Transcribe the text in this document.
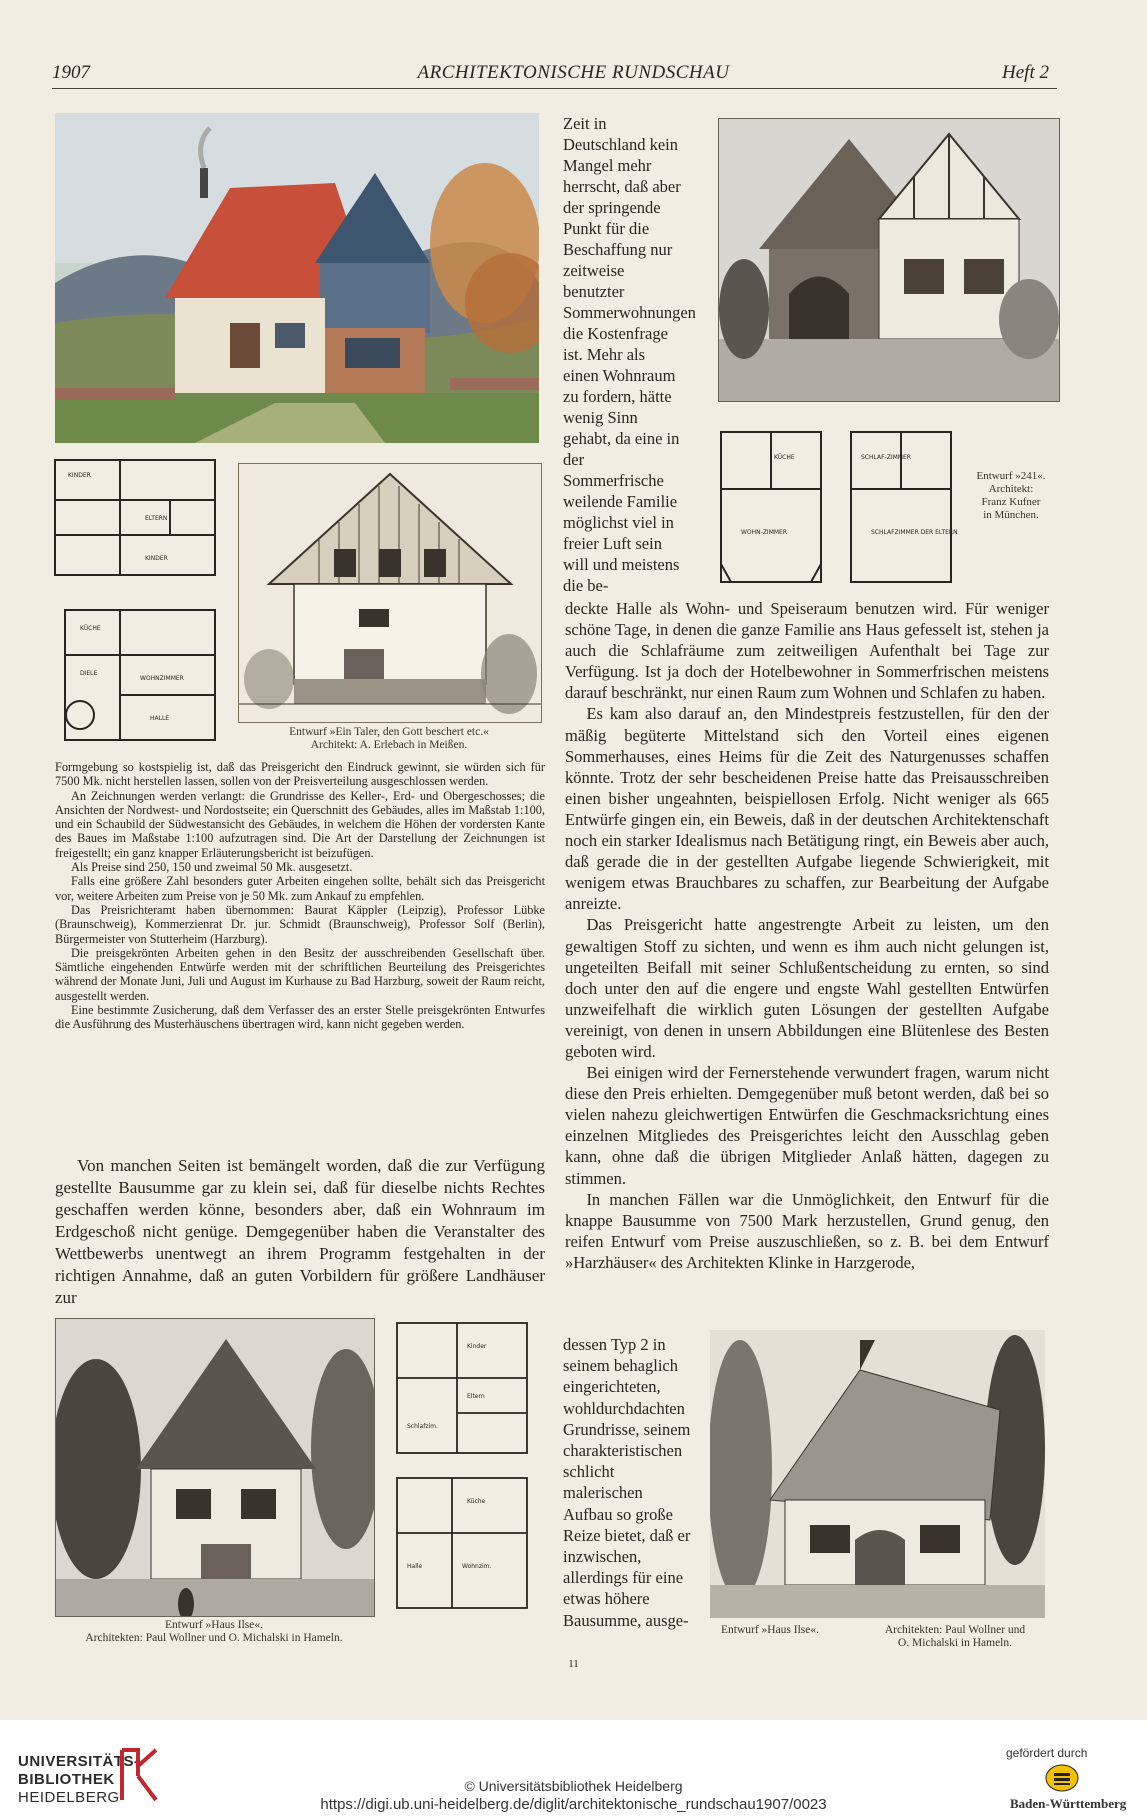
1907	ARCHITEKTONISCHE RUNDSCHAU	Heft 2
KINDER
ELTERN
KINDER
KÜCHE
WOHNZIMMER
DIELE
HALLE
Entwurf »Ein Taler, den Gott beschert etc.«
Architekt: A. Erlebach in Meißen.

Zeit in Deutschland kein Mangel mehr herrscht, daß aber der springende Punkt für die Beschaffung nur zeitweise benutzter Sommerwohnungen die Kostenfrage ist. Mehr als einen Wohnraum zu fordern, hätte wenig Sinn gehabt, da eine in der Sommerfrische weilende Familie möglichst viel in freier Luft sein will und meistens die be-

KÜCHE
WOHN-ZIMMER
SCHLAF-ZIMMER
SCHLAFZIMMER DER ELTERN
Entwurf »241«.
Architekt:
Franz Kufner
in München.

deckte Halle als Wohn- und Speiseraum benutzen wird. Für weniger schöne Tage, in denen die ganze Familie ans Haus gefesselt ist, stehen ja auch die Schlafräume zum zeitweiligen Aufenthalt bei Tage zur Verfügung. Ist ja doch der Hotelbewohner in Sommerfrischen meistens darauf beschränkt, nur einen Raum zum Wohnen und Schlafen zu haben.

Es kam also darauf an, den Mindestpreis festzustellen, für den der mäßig begüterte Mittelstand sich den Vorteil eines eigenen Sommerhauses, eines Heims für die Zeit des Naturgenusses schaffen könnte. Trotz der sehr bescheidenen Preise hatte das Preisausschreiben einen bisher ungeahnten, beispiellosen Erfolg. Nicht weniger als 665 Entwürfe gingen ein, ein Beweis, daß in der deutschen Architektenschaft noch ein starker Idealismus nach Betätigung ringt, ein Beweis aber auch, daß gerade die in der gestellten Aufgabe liegende Schwierigkeit, mit wenigem etwas Brauchbares zu schaffen, zur Bearbeitung der Aufgabe anreizte.

Das Preisgericht hatte angestrengte Arbeit zu leisten, um den gewaltigen Stoff zu sichten, und wenn es ihm auch nicht gelungen ist, ungeteilten Beifall mit seiner Schlußentscheidung zu ernten, so sind doch unter den auf die engere und engste Wahl gestellten Entwürfen unzweifelhaft die wirklich guten Lösungen der gestellten Aufgabe vereinigt, von denen in unsern Abbildungen eine Blütenlese des Besten geboten wird.

Bei einigen wird der Fernerstehende verwundert fragen, warum nicht diese den Preis erhielten. Demgegenüber muß betont werden, daß bei so vielen nahezu gleichwertigen Entwürfen die Geschmacksrichtung eines einzelnen Mitgliedes des Preisgerichtes leicht den Ausschlag geben kann, ohne daß die übrigen Mitglieder Anlaß hätten, dagegen zu stimmen.

In manchen Fällen war die Unmöglichkeit, den Entwurf für die knappe Bausumme von 7500 Mark herzustellen, Grund genug, den reifen Entwurf vom Preise auszuschließen, so z. B. bei dem Entwurf »Harzhäuser« des Architekten Klinke in Harzgerode,

dessen Typ 2 in seinem behaglich eingerichteten, wohldurchdachten Grundrisse, seinem charakteristischen schlicht malerischen Aufbau so große Reize bietet, daß er inzwischen, allerdings für eine etwas höhere Bausumme, ausge-

Formgebung so kostspielig ist, daß das Preisgericht den Eindruck gewinnt, sie würden sich für 7500 Mk. nicht herstellen lassen, sollen von der Preisverteilung ausgeschlossen werden.

An Zeichnungen werden verlangt: die Grundrisse des Keller-, Erd- und Obergeschosses; die Ansichten der Nordwest- und Nordostseite; ein Querschnitt des Gebäudes, alles im Maßstab 1:100, und ein Schaubild der Südwestansicht des Gebäudes, in welchem die Höhen der vordersten Kante des Baues im Maßstabe 1:100 aufzutragen sind. Die Art der Darstellung der Zeichnungen ist freigestellt; ein ganz knapper Erläuterungsbericht ist beizufügen.

Als Preise sind 250, 150 und zweimal 50 Mk. ausgesetzt.

Falls eine größere Zahl besonders guter Arbeiten eingehen sollte, behält sich das Preisgericht vor, weitere Arbeiten zum Preise von je 50 Mk. zum Ankauf zu empfehlen.

Das Preisrichteramt haben übernommen: Baurat Käppler (Leipzig), Professor Lübke (Braunschweig), Kommerzienrat Dr. jur. Schmidt (Braunschweig), Professor Solf (Berlin), Bürgermeister von Stutterheim (Harzburg).

Die preisgekrönten Arbeiten gehen in den Besitz der ausschreibenden Gesellschaft über. Sämtliche eingehenden Entwürfe werden mit der schriftlichen Beurteilung des Preisgerichtes während der Monate Juni, Juli und August im Kurhause zu Bad Harzburg, soweit der Raum reicht, ausgestellt werden.

Eine bestimmte Zusicherung, daß dem Verfasser des an erster Stelle preisgekrönten Entwurfes die Ausführung des Musterhäuschens übertragen wird, kann nicht gegeben werden.

Von manchen Seiten ist bemängelt worden, daß die zur Verfügung gestellte Bausumme gar zu klein sei, daß für dieselbe nichts Rechtes geschaffen werden könne, besonders aber, daß ein Wohnraum im Erdgeschoß nicht genüge. Demgegenüber haben die Veranstalter des Wettbewerbs unentwegt an ihrem Programm festgehalten in der richtigen Annahme, daß an guten Vorbildern für größere Landhäuser zur

Entwurf »Haus Ilse«.
Architekten: Paul Wollner und O. Michalski in Hameln.
Kinder
Eltern
Schlafzim.
Küche
Wohnzim.
Halle
Entwurf »Haus Ilse«.	Architekten: Paul Wollner und
O. Michalski in Hameln.
11
UNIVERSITÄTS-
BIBLIOTHEK
HEIDELBERG
© Universitätsbibliothek Heidelberg
https://digi.ub.uni-heidelberg.de/diglit/architektonische_rundschau1907/0023
gefördert durch
Baden-Württemberg
